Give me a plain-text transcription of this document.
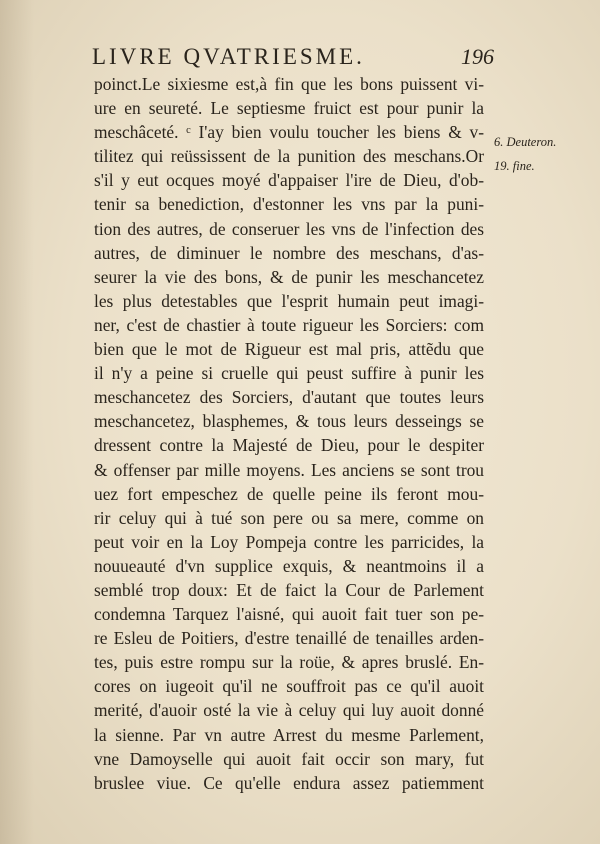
LIVRE QVATRIESME.	196
poinct.Le sixiesme est,à fin que les bons puissent vi-
ure en seureté. Le septiesme fruict est pour punir la
meschâceté. ᶜ I'ay bien voulu toucher les biens & v-
tilitez qui reüssissent de la punition des meschans.Or
s'il y eut ocques moyé d'appaiser l'ire de Dieu, d'ob-
tenir sa benediction, d'estonner les vns par la puni-
tion des autres, de conseruer les vns de l'infection des
autres, de diminuer le nombre des meschans, d'as-
seurer la vie des bons, & de punir les meschancetez
les plus detestables que l'esprit humain peut imagi-
ner, c'est de chastier à toute rigueur les Sorciers: com
bien que le mot de Rigueur est mal pris, attẽdu que
il n'y a peine si cruelle qui peust suffire à punir les
meschancetez des Sorciers, d'autant que toutes leurs
meschancetez, blasphemes, & tous leurs desseings se
dressent contre la Majesté de Dieu, pour le despiter
& offenser par mille moyens. Les anciens se sont trou
uez fort empeschez de quelle peine ils feront mou-
rir celuy qui à tué son pere ou sa mere, comme on
peut voir en la Loy Pompeja contre les parricides, la
nouueauté d'vn supplice exquis, & neantmoins il a
semblé trop doux: Et de faict la Cour de Parlement
condemna Tarquez l'aisné, qui auoit fait tuer son pe-
re Esleu de Poitiers, d'estre tenaillé de tenailles arden-
tes, puis estre rompu sur la roüe, & apres bruslé. En-
cores on iugeoit qu'il ne souffroit pas ce qu'il auoit
merité, d'auoir osté la vie à celuy qui luy auoit donné
la sienne. Par vn autre Arrest du mesme Parlement,
vne Damoyselle qui auoit fait occir son mary, fut
bruslee viue. Ce qu'elle endura assez patiemment
6. Deuteron.
19. fine.
